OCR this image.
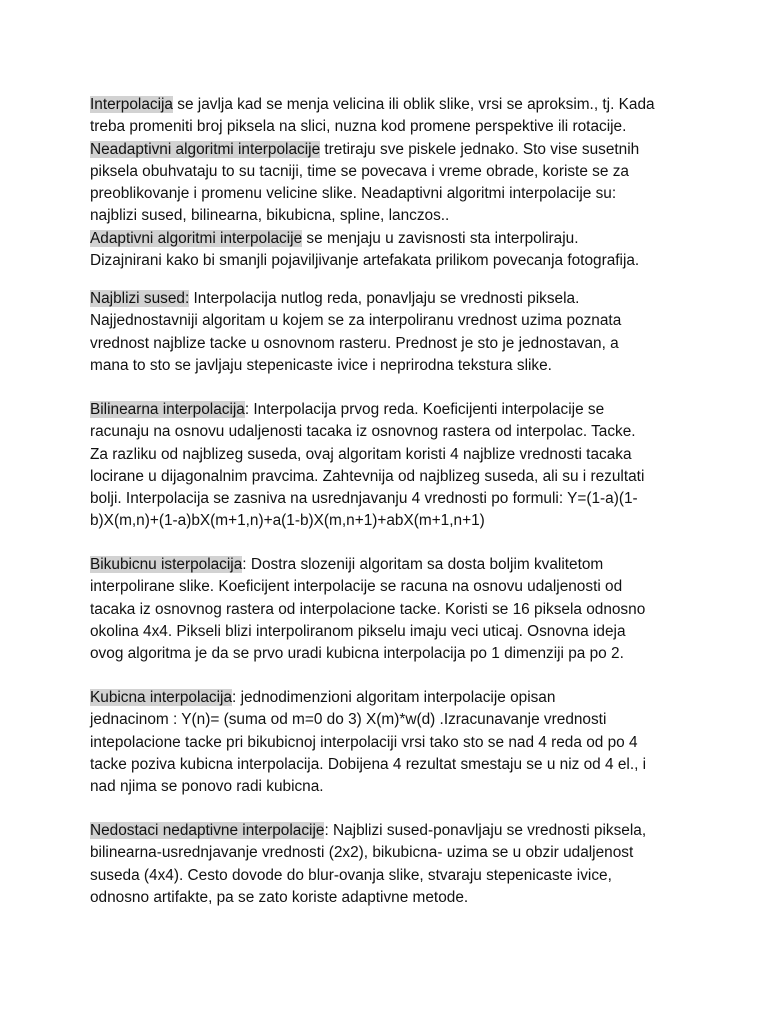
Interpolacija se javlja kad se menja velicina ili oblik slike, vrsi se aproksim., tj. Kada
treba promeniti broj piksela na slici, nuzna kod promene perspektive ili rotacije.
Neadaptivni algoritmi interpolacije tretiraju sve piskele jednako. Sto vise susetnih
piksela obuhvataju to su tacniji, time se povecava i vreme obrade, koriste se za
preoblikovanje i promenu velicine slike. Neadaptivni algoritmi interpolacije su:
najblizi sused, bilinearna, bikubicna, spline, lanczos..
Adaptivni algoritmi interpolacije se menjaju u zavisnosti sta interpoliraju.
Dizajnirani kako bi smanjli pojaviljivanje artefakata prilikom povecanja fotografija.
Najblizi sused: Interpolacija nutlog reda, ponavljaju se vrednosti piksela.
Najjednostavniji algoritam u kojem se za interpoliranu vrednost uzima poznata
vrednost najblize tacke u osnovnom rasteru. Prednost je sto je jednostavan, a
mana to sto se javljaju stepenicaste ivice i neprirodna tekstura slike.
Bilinearna interpolacija: Interpolacija prvog reda. Koeficijenti interpolacije se
racunaju na osnovu udaljenosti tacaka iz osnovnog rastera od interpolac. Tacke.
Za razliku od najblizeg suseda, ovaj algoritam koristi 4 najblize vrednosti tacaka
locirane u dijagonalnim pravcima. Zahtevnija od najblizeg suseda, ali su i rezultati
bolji. Interpolacija se zasniva na usrednjavanju 4 vrednosti po formuli: Y=(1-a)(1-
b)X(m,n)+(1-a)bX(m+1,n)+a(1-b)X(m,n+1)+abX(m+1,n+1)
Bikubicnu isterpolacija: Dostra slozeniji algoritam sa dosta boljim kvalitetom
interpolirane slike. Koeficijent interpolacije se racuna na osnovu udaljenosti od
tacaka iz osnovnog rastera od interpolacione tacke. Koristi se 16 piksela odnosno
okolina 4x4. Pikseli blizi interpoliranom pikselu imaju veci uticaj. Osnovna ideja
ovog algoritma je da se prvo uradi kubicna interpolacija po 1 dimenziji pa po 2.
Kubicna interpolacija: jednodimenzioni algoritam interpolacije opisan
jednacinom : Y(n)= (suma od m=0 do 3) X(m)*w(d) .Izracunavanje vrednosti
intepolacione tacke pri bikubicnoj interpolaciji vrsi tako sto se nad 4 reda od po 4
tacke poziva kubicna interpolacija. Dobijena 4 rezultat smestaju se u niz od 4 el., i
nad njima se ponovo radi kubicna.
Nedostaci nedaptivne interpolacije: Najblizi sused-ponavljaju se vrednosti piksela,
bilinearna-usrednjavanje vrednosti (2x2), bikubicna- uzima se u obzir udaljenost
suseda (4x4). Cesto dovode do blur-ovanja slike, stvaraju stepenicaste ivice,
odnosno artifakte, pa se zato koriste adaptivne metode.
